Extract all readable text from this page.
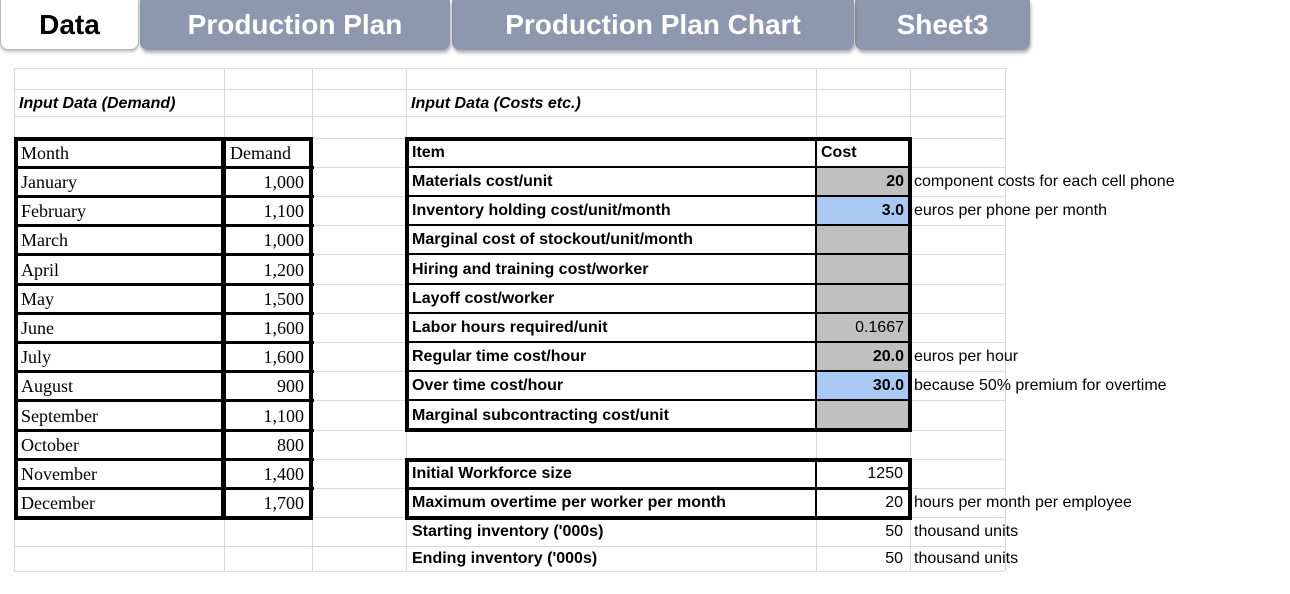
Input Data (Demand)	Input Data (Costs etc.)
Month	Demand
January	1,000
February	1,100
March	1,000
April	1,200
May	1,500
June	1,600
July	1,600
August	900
September	1,100
October	800
November	1,400
December	1,700
Item	Cost
Materials cost/unit	20 component costs for each cell phone
Inventory holding cost/unit/month	3.0 euros per phone per month
Marginal cost of stockout/unit/month
Hiring and training cost/worker
Layoff cost/worker
Labor hours required/unit	0.1667
Regular time cost/hour	20.0 euros per hour
Over time cost/hour	30.0 because 50% premium for overtime
Marginal subcontracting cost/unit
Initial Workforce size	1250
Maximum overtime per worker per month	20 hours per month per employee
Starting inventory ('000s)	50 thousand units
Ending inventory ('000s)	50 thousand units
Sheet3
Production Plan Chart
Production Plan
Data
